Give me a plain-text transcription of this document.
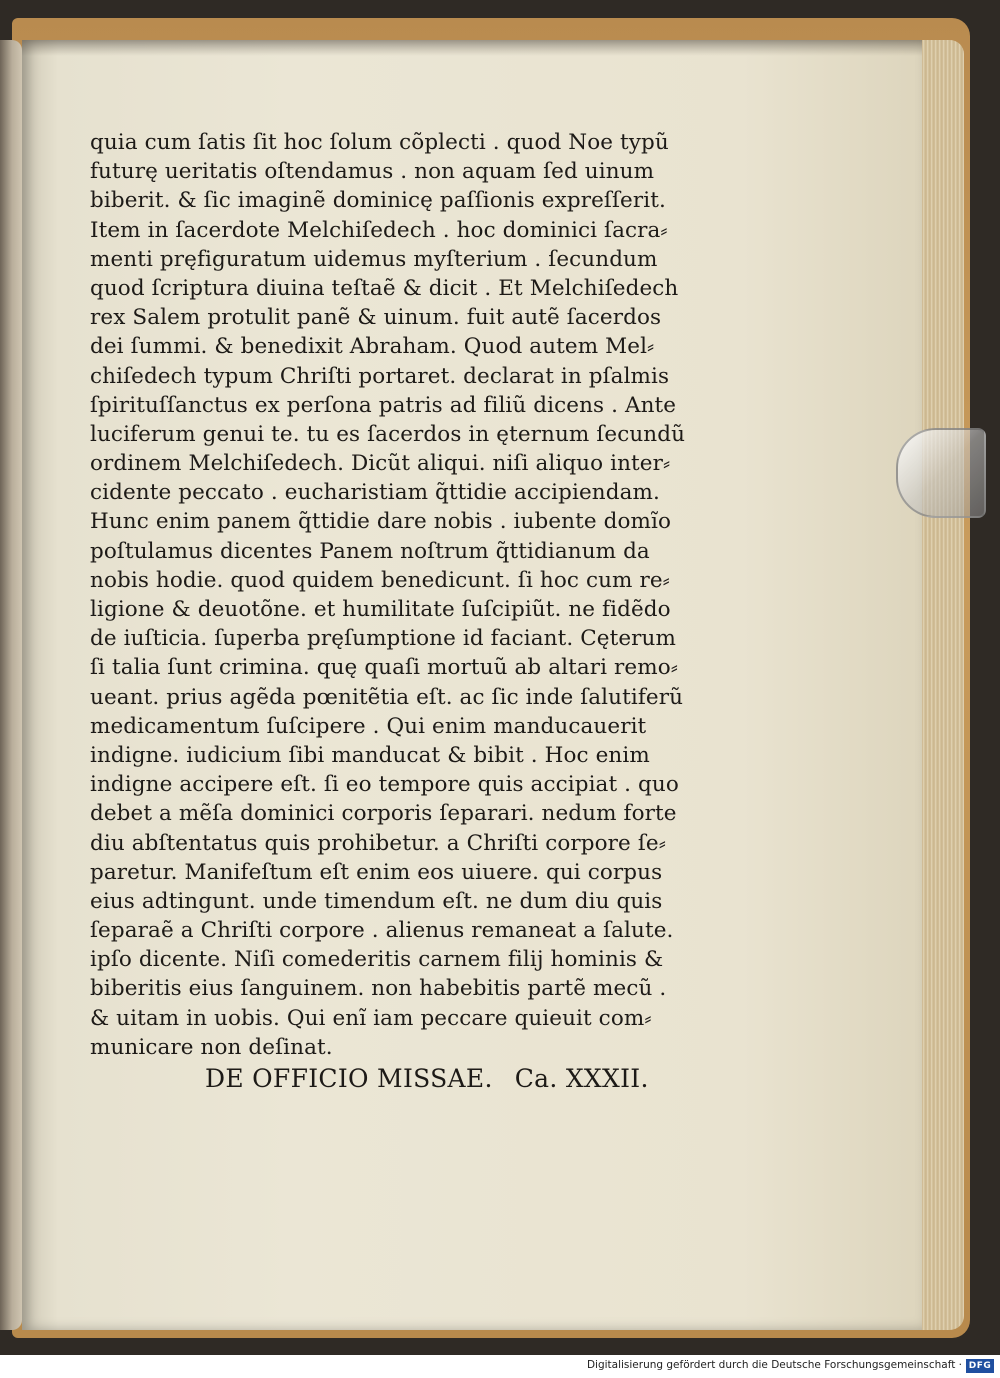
quia cum ſatis ſit hoc ſolum cõplecti . quod Noe typũ
futurę ueritatis oſtendamus . non aquam ſed uinum
biberit. & ſic imaginẽ dominicę paſſionis expreſſerit.
Item in ſacerdote Melchiſedech . hoc dominici ſacra⸗
menti pręfiguratum uidemus myſterium . ſecundum
quod ſcriptura diuina teſtaẽ & dicit . Et Melchiſedech
rex Salem protulit panẽ & uinum. fuit autẽ ſacerdos
dei ſummi. & benedixit Abraham. Quod autem Mel⸗
chiſedech typum Chriſti portaret. declarat in pſalmis
ſpirituſſanctus ex perſona patris ad filiũ dicens . Ante
luciferum genui te. tu es ſacerdos in ęternum ſecundũ
ordinem Melchiſedech. Dicũt aliqui. niſi aliquo inter⸗
cidente peccato . eucharistiam q̃ttidie accipiendam.
Hunc enim panem q̃ttidie dare nobis . iubente domĩo
poſtulamus dicentes Panem noſtrum q̃ttidianum da
nobis hodie. quod quidem benedicunt. ſi hoc cum re⸗
ligione & deuotõne. et humilitate ſuſcipiũt. ne fidẽdo
de iuſticia. ſuperba pręſumptione id faciant. Cęterum
ſi talia ſunt crimina. quę quaſi mortuũ ab altari remo⸗
ueant. prius agẽda pœnitẽtia eſt. ac ſic inde ſalutiferũ
medicamentum ſuſcipere . Qui enim manducauerit
indigne. iudicium ſibi manducat & bibit . Hoc enim
indigne accipere eſt. ſi eo tempore quis accipiat . quo
debet a mẽſa dominici corporis ſeparari. nedum forte
diu abſtentatus quis prohibetur. a Chriſti corpore ſe⸗
paretur. Manifeſtum eſt enim eos uiuere. qui corpus
eius adtingunt. unde timendum eſt. ne dum diu quis
ſeparaẽ a Chriſti corpore . alienus remaneat a ſalute.
ipſo dicente. Niſi comederitis carnem filij hominis &
biberitis eius ſanguinem. non habebitis partẽ mecũ .
& uitam in uobis. Qui enĩ iam peccare quieuit com⸗
municare non deſinat.
DE OFFICIO MISSAE. Ca. XXXII.
Digitalisierung gefördert durch die Deutsche Forschungsgemeinschaft · DFG
